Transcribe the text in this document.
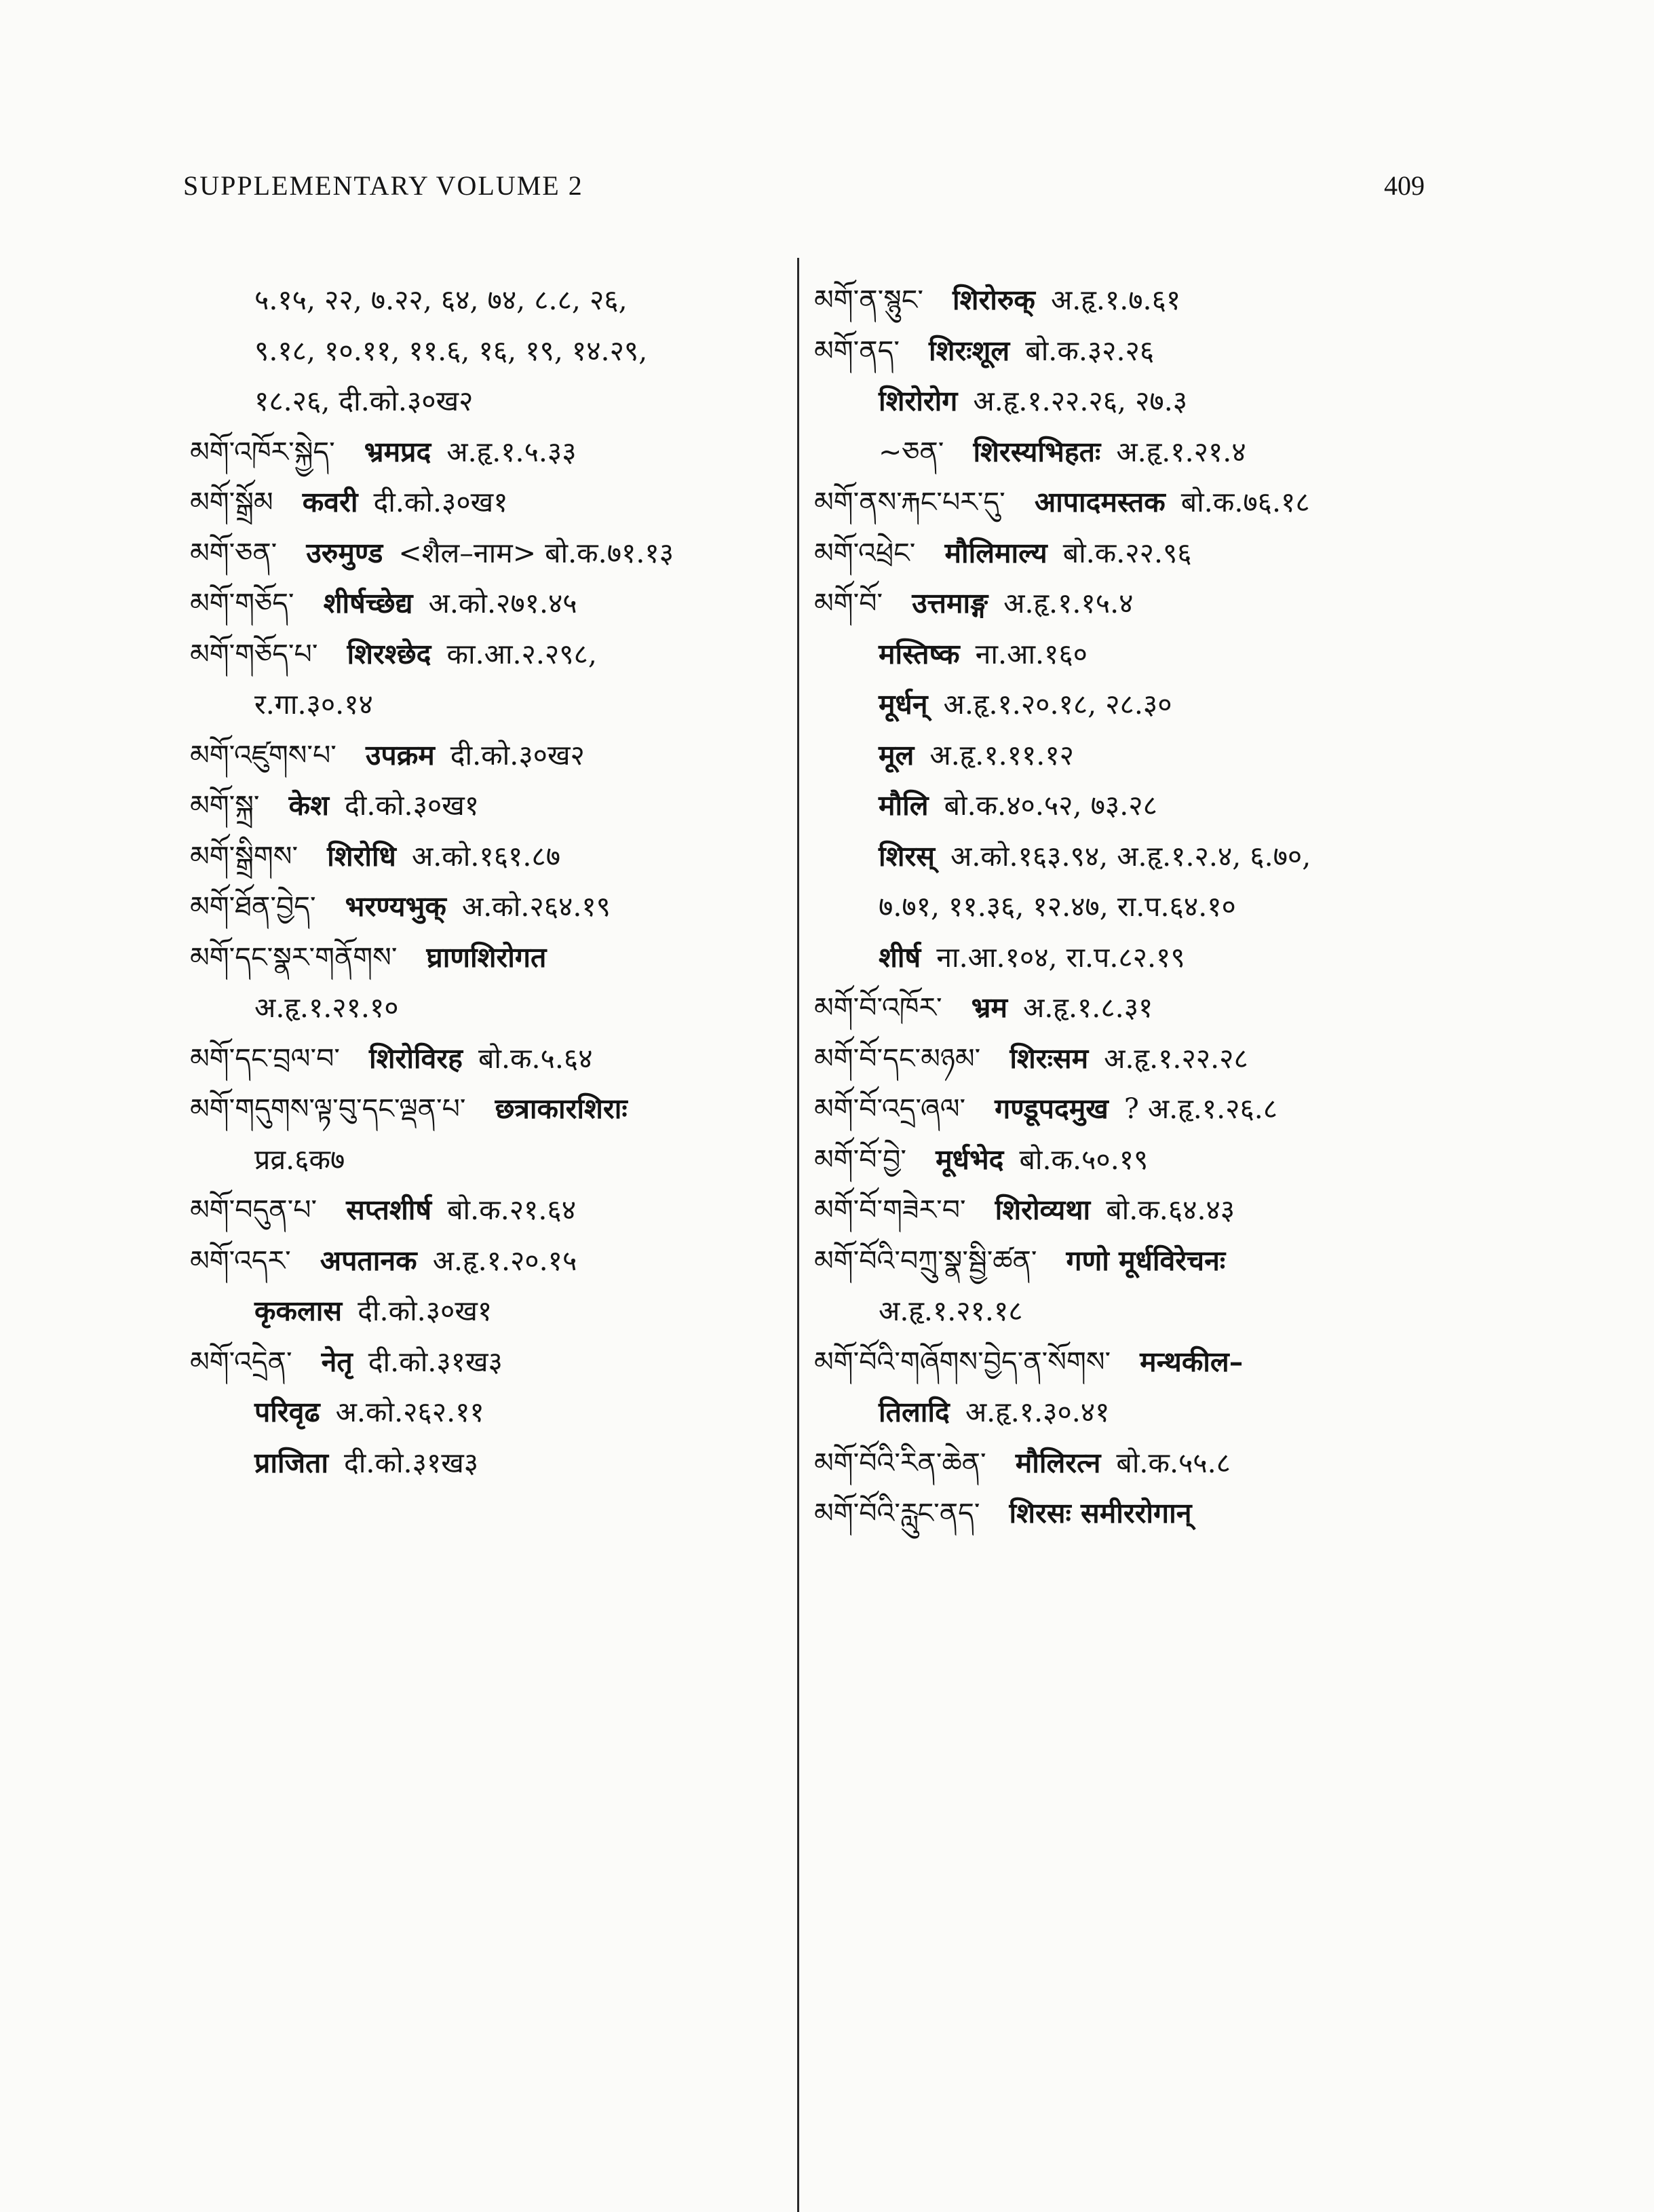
SUPPLEMENTARY VOLUME 2	409
५.१५, २२, ७.२२, ६४, ७४, ८.८, २६,
९.१८, १०.११, ११.६, १६, १९, १४.२९,
१८.२६, दी.को.३०ख२
མགོ་འཁོར་སྐྱེད་ भ्रमप्रद अ.हृ.१.५.३३
མགོ་སྒྲོམ कवरी दी.को.३०ख१
མགོ་ཅན་ उरुमुण्ड <शैल–नाम> बो.क.७१.१३
མགོ་གཅོད་ शीर्षच्छेद्य अ.को.२७१.४५
མགོ་གཅོད་པ་ शिरश्छेद का.आ.२.२९८,
र.गा.३०.१४
མགོ་འཛུགས་པ་ उपक्रम दी.को.३०ख२
མགོ་སྐྲ་ केश दी.को.३०ख१
མགོ་སྒྲིགས་ शिरोधि अ.को.१६१.८७
མགོ་ཐོན་བྱེད་ भरण्यभुक् अ.को.२६४.१९
མགོ་དང་སྣར་གནོགས་ घ्राणशिरोगत
अ.हृ.१.२१.१०
མགོ་དང་བྲལ་བ་ शिरोविरह बो.क.५.६४
མགོ་གདུགས་ལྟ་བུ་དང་ལྡན་པ་ छत्राकारशिराः
प्रव्र.६क७
མགོ་བདུན་པ་ सप्तशीर्ष बो.क.२१.६४
མགོ་འདར་ अपतानक अ.हृ.१.२०.१५
कृकलास दी.को.३०ख१
མགོ་འདྲེན་ नेतृ दी.को.३१ख३
परिवृढ अ.को.२६२.११
प्राजिता दी.को.३१ख३
མགོ་ན་སྙུང་ शिरोरुक् अ.हृ.१.७.६१
མགོ་ནད་ शिरःशूल बो.क.३२.२६
शिरोरोग अ.हृ.१.२२.२६, २७.३
~ཅན་ शिरस्यभिहतः अ.हृ.१.२१.४
མགོ་ནས་རྐང་པར་དུ་ आपादमस्तक बो.क.७६.१८
མགོ་འཕྲེང་ मौलिमाल्य बो.क.२२.९६
མགོ་བོ་ उत्तमाङ्ग अ.हृ.१.१५.४
मस्तिष्क ना.आ.१६०
मूर्धन् अ.हृ.१.२०.१८, २८.३०
मूल अ.हृ.१.११.१२
मौलि बो.क.४०.५२, ७३.२८
शिरस् अ.को.१६३.९४, अ.हृ.१.२.४, ६.७०,
७.७१, ११.३६, १२.४७, रा.प.६४.१०
शीर्ष ना.आ.१०४, रा.प.८२.१९
མགོ་བོ་འཁོར་ भ्रम अ.हृ.१.८.३१
མགོ་བོ་དང་མཉམ་ शिरःसम अ.हृ.१.२२.२८
མགོ་བོ་འདྲ་ཞལ་ गण्डूपदमुख ? अ.हृ.१.२६.८
མགོ་བོ་བྱེ་ मूर्धभेद बो.क.५०.१९
མགོ་བོ་གཟེར་བ་ शिरोव्यथा बो.क.६४.४३
མགོ་བོའི་བཀྲུ་སྣ་སྦྱི་ཚན་ गणो मूर्धविरेचनः
अ.हृ.१.२१.१८
མགོ་བོའི་གཞོགས་བྱེད་ན་སོགས་ मन्थकील–
तिलादि अ.हृ.१.३०.४१
མགོ་བོའི་རིན་ཆེན་ मौलिरत्न बो.क.५५.८
མགོ་བོའི་རླུང་ནད་ शिरसः समीररोगान्
